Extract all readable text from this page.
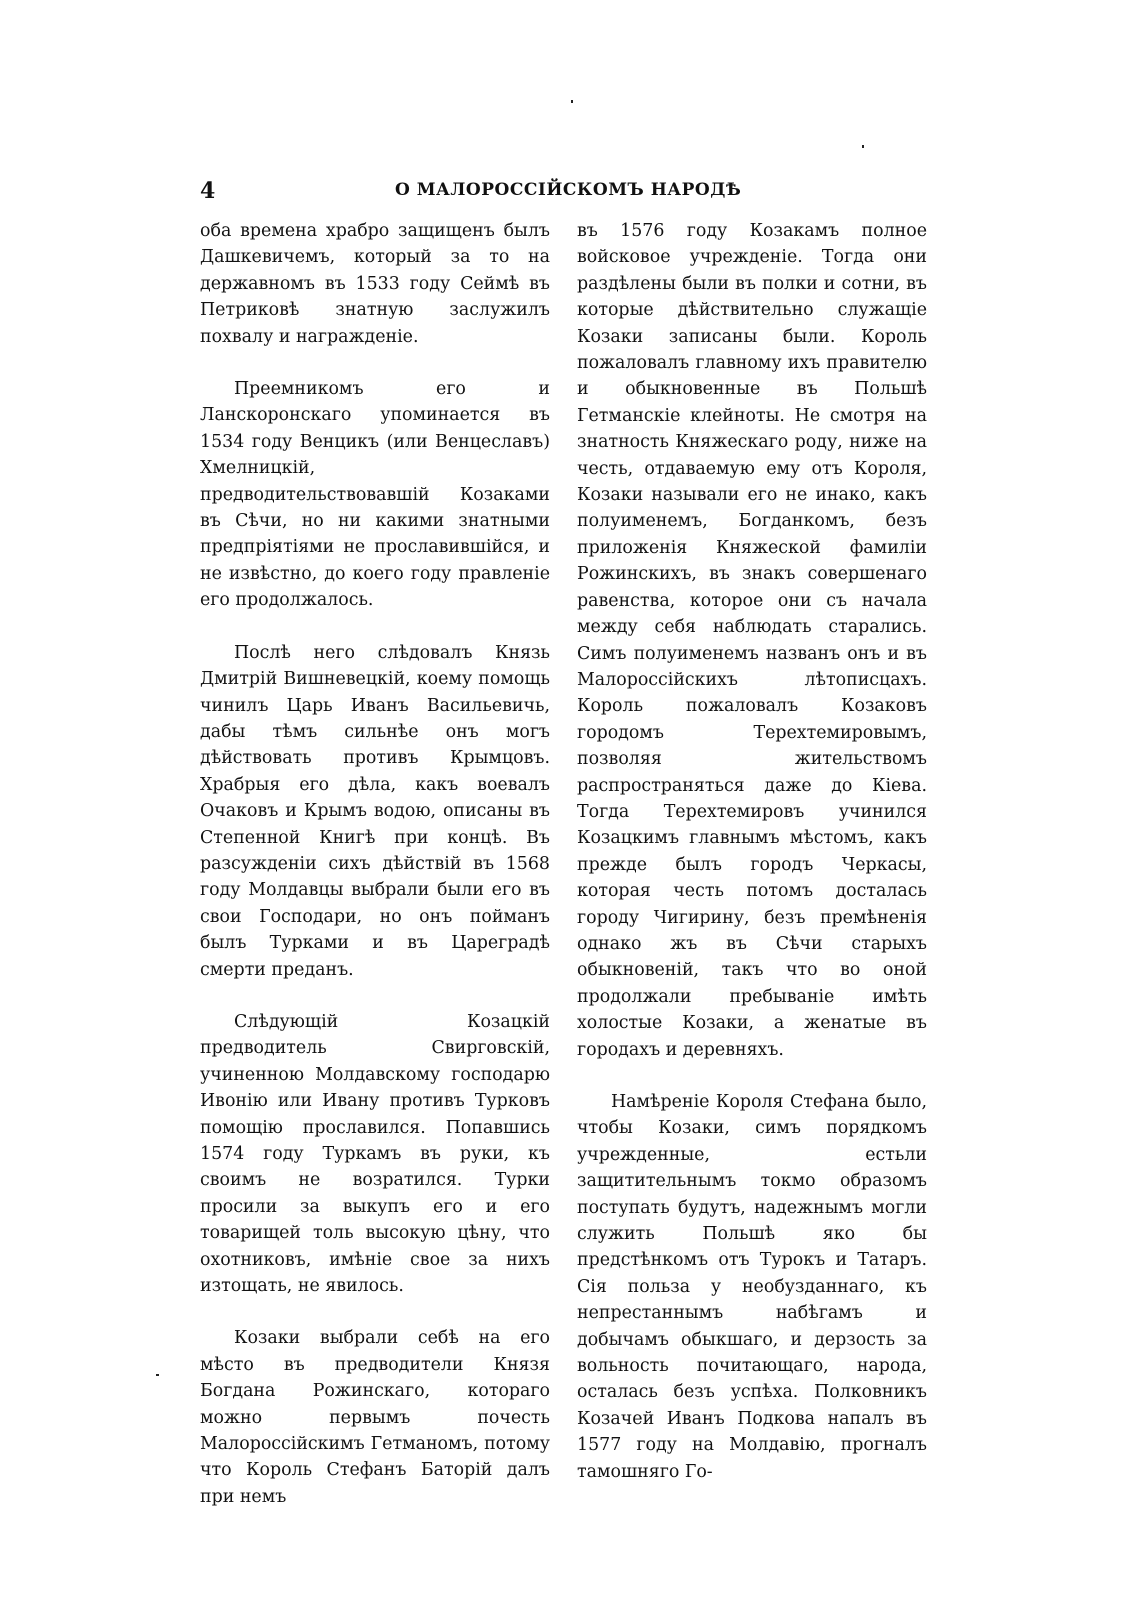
4	О МАЛОРОССІЙСКОМЪ НАРОДѢ

оба времена храбро защищенъ былъ Дашкевичемъ, который за то на державномъ въ 1533 году Сеймѣ въ Петриковѣ знатную заслужилъ похвалу и награжденіе.

Преемникомъ его и Ланскоронскаго упоминается въ 1534 году Венцикъ (или Венцеславъ) Хмелницкій, предводительствовавшій Козаками въ Сѣчи, но ни какими знатными предпріятіями не прославившійся, и не извѣстно, до коего году правленіе его продолжалось.

Послѣ него слѣдовалъ Князь Дмитрій Вишневецкій, коему помощь чинилъ Царь Иванъ Васильевичь, дабы тѣмъ сильнѣе онъ могъ дѣйствовать противъ Крымцовъ. Храбрыя его дѣла, какъ воевалъ Очаковъ и Крымъ водою, описаны въ Степенной Книгѣ при концѣ. Въ разсужденіи сихъ дѣйствій въ 1568 году Молдавцы выбрали были его въ свои Господари, но онъ пойманъ былъ Турками и въ Цареградѣ смерти преданъ.

Слѣдующій Козацкій предводитель Свирговскій, учиненною Молдавскому господарю Ивонію или Ивану противъ Турковъ помощію прославился. Попавшись 1574 году Туркамъ въ руки, къ своимъ не возратился. Турки просили за выкупъ его и его товарищей толь высокую цѣну, что охотниковъ, имѣніе свое за нихъ изтощать, не явилось.

Козаки выбрали себѣ на его мѣсто въ предводители Князя Богдана Рожинскаго, котораго можно первымъ почесть Малороссійскимъ Гетманомъ, потому что Король Стефанъ Баторій далъ при немъ

въ 1576 году Козакамъ полное войсковое учрежденіе. Тогда они раздѣлены были въ полки и сотни, въ которые дѣйствительно служащіе Козаки записаны были. Король пожаловалъ главному ихъ правителю и обыкновенные въ Польшѣ Гетманскіе клейноты. Не смотря на знатность Княжескаго роду, ниже на честь, отдаваемую ему отъ Короля, Козаки называли его не инако, какъ полуименемъ, Богданкомъ, безъ приложенія Княжеской фамиліи Рожинскихъ, въ знакъ совершенаго равенства, которое они съ начала между себя наблюдать старались. Симъ полуименемъ названъ онъ и въ Малороссійскихъ лѣтописцахъ. Король пожаловалъ Козаковъ городомъ Терехтемировымъ, позволяя жительствомъ распространяться даже до Кіева. Тогда Терехтемировъ учинился Козацкимъ главнымъ мѣстомъ, какъ прежде былъ городъ Черкасы, которая честь потомъ досталась городу Чигирину, безъ премѣненія однако жъ въ Сѣчи старыхъ обыкновеній, такъ что во оной продолжали пребываніе имѣть холостые Козаки, а женатые въ городахъ и деревняхъ.

Намѣреніе Короля Стефана было, чтобы Козаки, симъ порядкомъ учрежденные, естьли защитительнымъ токмо образомъ поступать будутъ, надежнымъ могли служить Польшѣ яко бы предстѣнкомъ отъ Турокъ и Татаръ. Сія польза у необузданнаго, къ непрестаннымъ набѣгамъ и добычамъ обыкшаго, и дерзость за вольность почитающаго, народа, осталась безъ успѣха. Полковникъ Козачей Иванъ Подкова напалъ въ 1577 году на Молдавію, прогналъ тамошняго Го-
